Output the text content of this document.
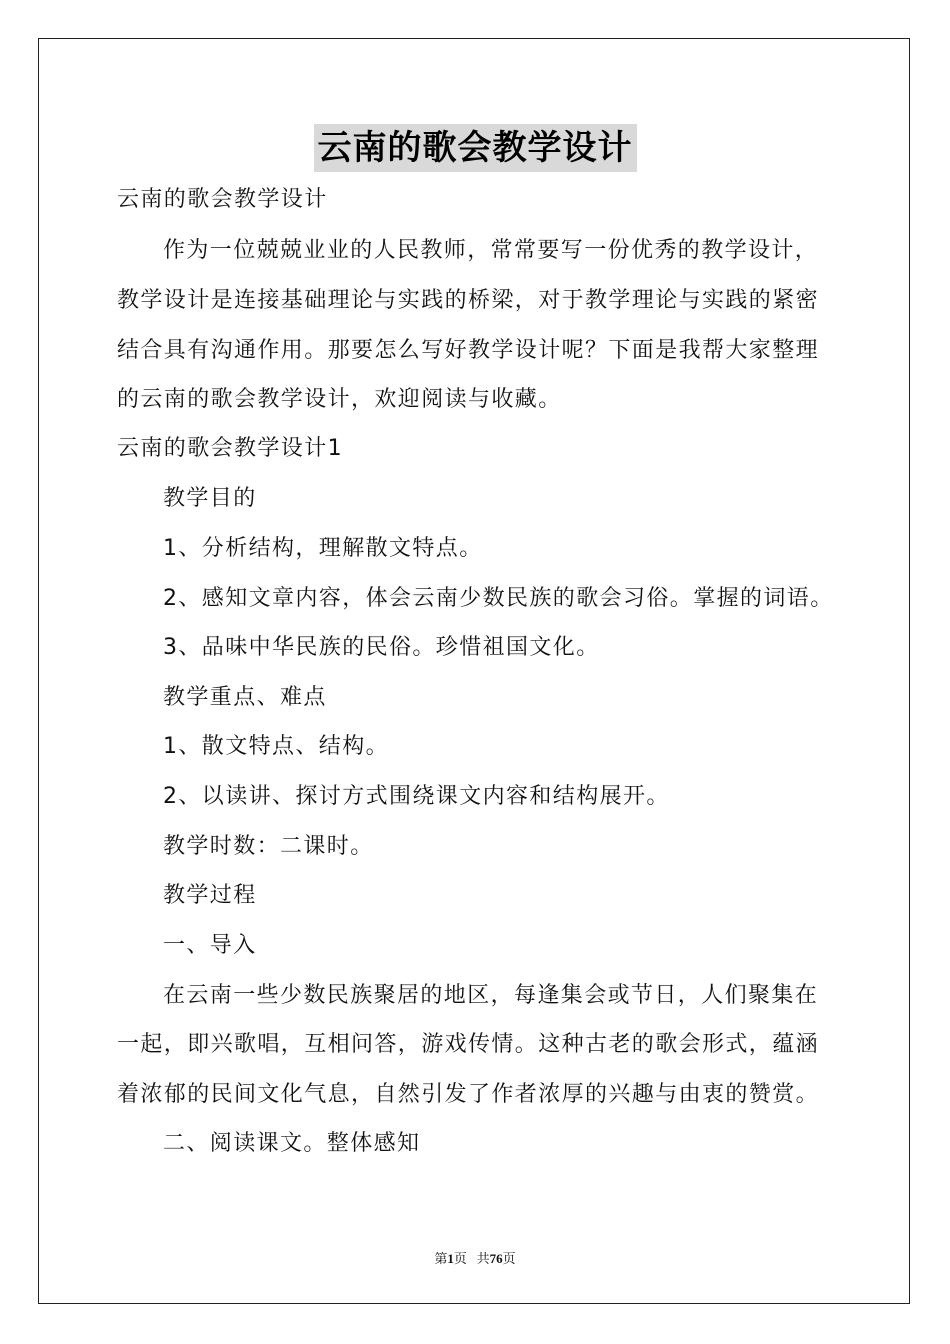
云南的歌会教学设计
云南的歌会教学设计
作为一位兢兢业业的人民教师，常常要写一份优秀的教学设计，
教学设计是连接基础理论与实践的桥梁，对于教学理论与实践的紧密
结合具有沟通作用。那要怎么写好教学设计呢？下面是我帮大家整理
的云南的歌会教学设计，欢迎阅读与收藏。
云南的歌会教学设计1
教学目的
1、分析结构，理解散文特点。
2、感知文章内容，体会云南少数民族的歌会习俗。掌握的词语。
3、品味中华民族的民俗。珍惜祖国文化。
教学重点、难点
1、散文特点、结构。
2、以读讲、探讨方式围绕课文内容和结构展开。
教学时数：二课时。
教学过程
一、导入
在云南一些少数民族聚居的地区，每逢集会或节日，人们聚集在
一起，即兴歌唱，互相问答，游戏传情。这种古老的歌会形式，蕴涵
着浓郁的民间文化气息，自然引发了作者浓厚的兴趣与由衷的赞赏。
二、阅读课文。整体感知
第1页 共76页
